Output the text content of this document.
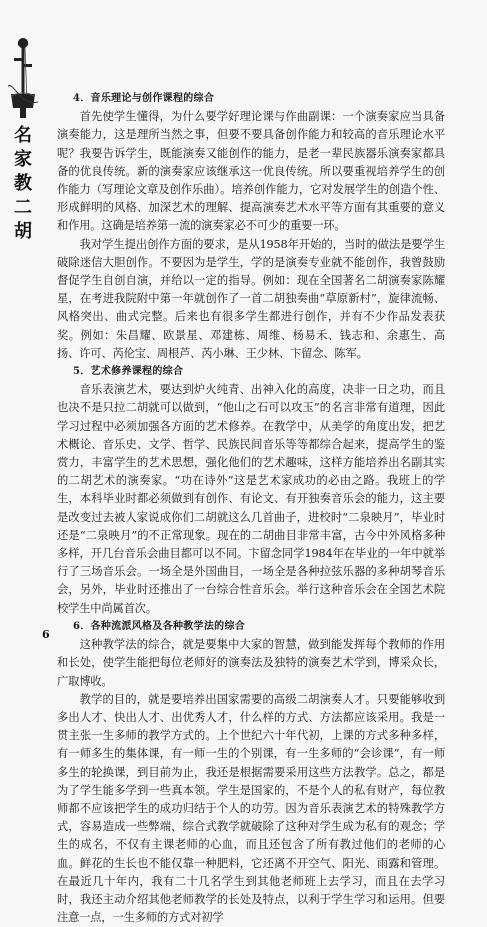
名
家
教
二
胡
4．音乐理论与创作课程的综合

首先使学生懂得，为什么要学好理论课与作曲副课：一个演奏家应当具备演奏能力，这是理所当然之事，但要不要具备创作能力和较高的音乐理论水平呢？我要告诉学生，既能演奏又能创作的能力，是老一辈民族器乐演奏家都具备的优良传统。新的演奏家应该继承这一优良传统。所以要重视培养学生的创作能力（写理论文章及创作乐曲）。培养创作能力，它对发展学生的创造个性、形成鲜明的风格、加深艺术的理解、提高演奏艺术水平等方面有其重要的意义和作用。这确是培养第一流的演奏家必不可少的重要一环。

我对学生提出创作方面的要求，是从1958年开始的，当时的做法是要学生破除迷信大胆创作。不要因为是学生，学的是演奏专业就不能创作，我曾鼓励督促学生自创自演，并给以一定的指导。例如：现在全国著名二胡演奏家陈耀星，在考进我院附中第一年就创作了一首二胡独奏曲“草原新村”，旋律流畅、风格突出、曲式完整。后来也有很多学生都进行创作，并有不少作品发表获奖。例如：朱昌耀、欧景星、邓建栋、周维、杨易禾、钱志和、余惠生、高扬、许可、芮伦宝、周根芦、芮小琳、王少林、卞留念、陈军。

5．艺术修养课程的综合

音乐表演艺术，要达到炉火纯青、出神入化的高度，决非一日之功，而且也决不是只拉二胡就可以做到，“他山之石可以攻玉”的名言非常有道理，因此学习过程中必须加强各方面的艺术修养。在教学中，从美学的角度出发，把艺术概论、音乐史、文学、哲学、民族民间音乐等等都综合起来，提高学生的鉴赏力，丰富学生的艺术思想，强化他们的艺术趣味，这样方能培养出名副其实的二胡艺术的演奏家。“功在诗外”这是艺术家成功的必由之路。我班上的学生，本科毕业时都必须做到有创作、有论文、有开独奏音乐会的能力，这主要是改变过去被人家说成你们二胡就这么几首曲子，进校时“二泉映月”，毕业时还是“二泉映月”的不正常现象。现在的二胡曲目非常丰富，古今中外风格多种多样，开几台音乐会曲目都可以不同。卞留念同学1984年在毕业的一年中就举行了三场音乐会。一场全是外国曲目，一场全是各种拉弦乐器的多种胡琴音乐会，另外，毕业时还推出了一台综合性音乐会。举行这种音乐会在全国艺术院校学生中尚属首次。

6．各种流派风格及各种教学法的综合

这种教学法的综合，就是要集中大家的智慧，做到能发挥每个教师的作用和长处，使学生能把每位老师好的演奏法及独特的演奏艺术学到，博采众长，广取博收。

教学的目的，就是要培养出国家需要的高级二胡演奏人才。只要能够收到多出人才、快出人才、出优秀人才，什么样的方式、方法都应该采用。我是一贯主张一生多师的教学方式的。上个世纪六十年代初，上课的方式多种多样，有一师多生的集体课，有一师一生的个别课，有一生多师的“会诊课”，有一师多生的轮换课，到目前为止，我还是根据需要采用这些方法教学。总之，都是为了学生能多学到一些真本领。学生是国家的，不是个人的私有财产，每位教师都不应该把学生的成功归结于个人的功劳。因为音乐表演艺术的特殊教学方式，容易造成一些弊端，综合式教学就破除了这种对学生成为私有的观念；学生的成名，不仅有主课老师的心血，而且还包含了所有教过他们的老师的心血。鲜花的生长也不能仅靠一种肥料，它还离不开空气、阳光、雨露和管理。在最近几十年内，我有二十几名学生到其他老师班上去学习，而且在去学习时，我还主动介绍其他老师教学的长处及特点，以利于学生学习和运用。但要注意一点，一生多师的方式对初学

6
